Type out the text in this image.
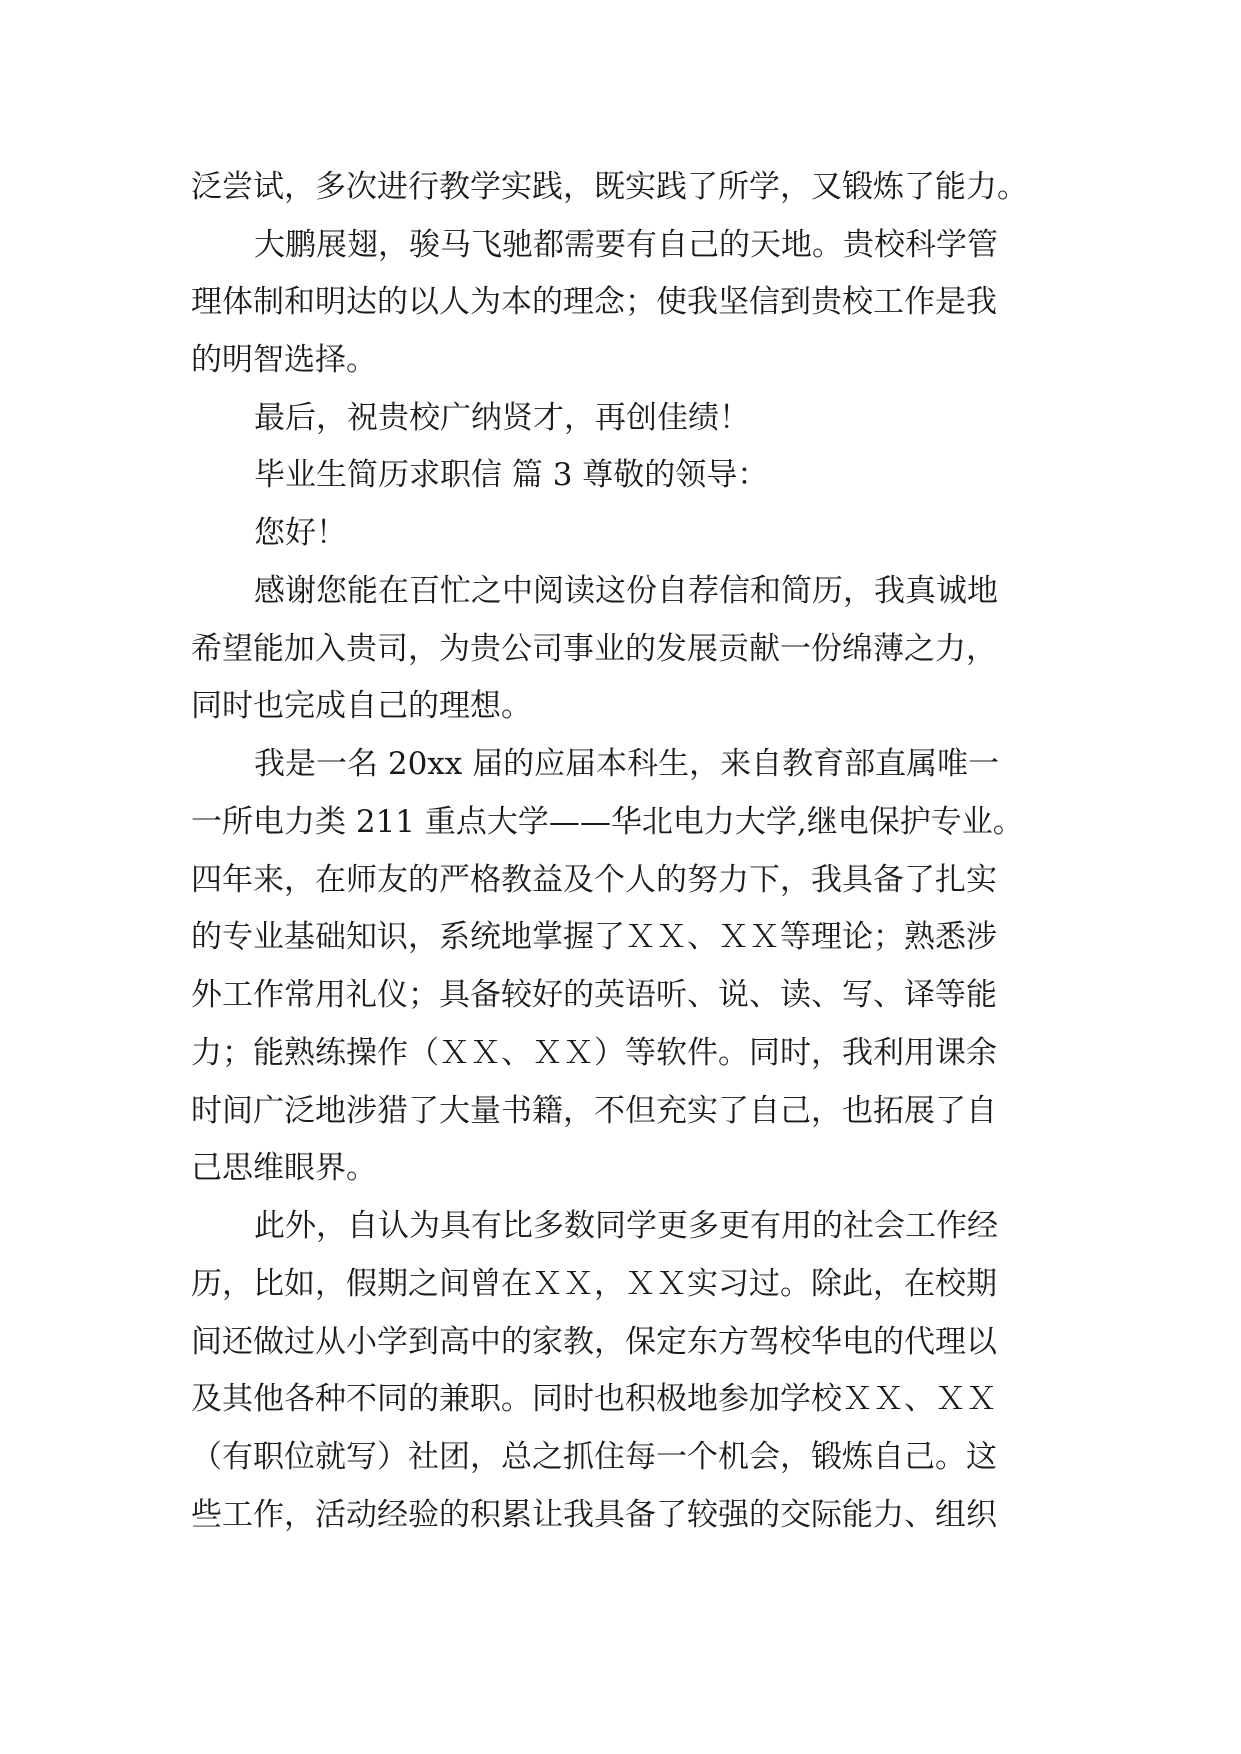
泛尝试，多次进行教学实践，既实践了所学，又锻炼了能力。
大鹏展翅，骏马飞驰都需要有自己的天地。贵校科学管
理体制和明达的以人为本的理念；使我坚信到贵校工作是我
的明智选择。
最后，祝贵校广纳贤才，再创佳绩！
毕业生简历求职信 篇 3 尊敬的领导：
您好！
感谢您能在百忙之中阅读这份自荐信和简历，我真诚地
希望能加入贵司，为贵公司事业的发展贡献一份绵薄之力，
同时也完成自己的理想。
我是一名 20xx 届的应届本科生，来自教育部直属唯一
一所电力类 211 重点大学——华北电力大学,继电保护专业。
四年来，在师友的严格教益及个人的努力下，我具备了扎实
的专业基础知识，系统地掌握了ＸＸ、ＸＸ等理论；熟悉涉
外工作常用礼仪；具备较好的英语听、说、读、写、译等能
力；能熟练操作（ＸＸ、ＸＸ）等软件。同时，我利用课余
时间广泛地涉猎了大量书籍，不但充实了自己，也拓展了自
己思维眼界。
此外，自认为具有比多数同学更多更有用的社会工作经
历，比如，假期之间曾在ＸＸ，ＸＸ实习过。除此，在校期
间还做过从小学到高中的家教，保定东方驾校华电的代理以
及其他各种不同的兼职。同时也积极地参加学校ＸＸ、ＸＸ
（有职位就写）社团，总之抓住每一个机会，锻炼自己。这
些工作，活动经验的积累让我具备了较强的交际能力、组织
